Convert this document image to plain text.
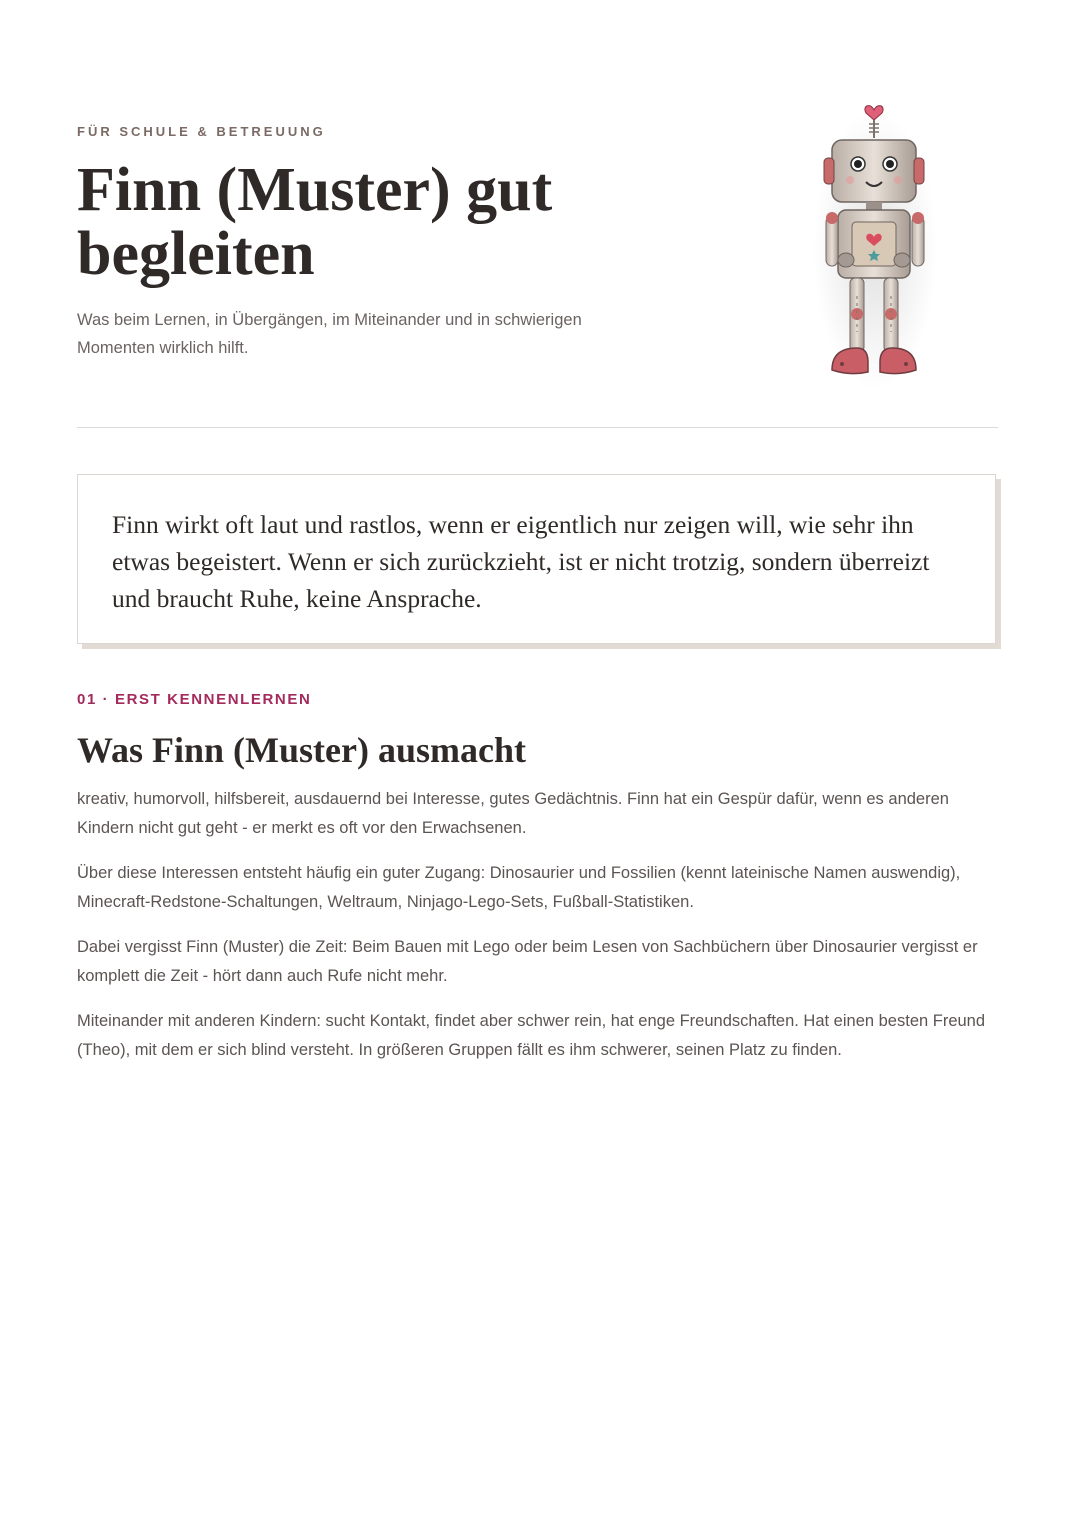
FÜR SCHULE & BETREUUNG
Finn (Muster) gut begleiten

Was beim Lernen, in Übergängen, im Miteinander und in schwierigen Momenten wirklich hilft.

Finn wirkt oft laut und rastlos, wenn er eigentlich nur zeigen will, wie sehr ihn etwas begeistert. Wenn er sich zurückzieht, ist er nicht trotzig, sondern überreizt und braucht Ruhe, keine Ansprache.

01 · ERST KENNENLERNEN
Was Finn (Muster) ausmacht

kreativ, humorvoll, hilfsbereit, ausdauernd bei Interesse, gutes Gedächtnis. Finn hat ein Gespür dafür, wenn es anderen Kindern nicht gut geht - er merkt es oft vor den Erwachsenen.

Über diese Interessen entsteht häufig ein guter Zugang: Dinosaurier und Fossilien (kennt lateinische Namen auswendig), Minecraft-Redstone-Schaltungen, Weltraum, Ninjago-Lego-Sets, Fußball-Statistiken.

Dabei vergisst Finn (Muster) die Zeit: Beim Bauen mit Lego oder beim Lesen von Sachbüchern über Dinosaurier vergisst er komplett die Zeit - hört dann auch Rufe nicht mehr.

Miteinander mit anderen Kindern: sucht Kontakt, findet aber schwer rein, hat enge Freundschaften. Hat einen besten Freund (Theo), mit dem er sich blind versteht. In größeren Gruppen fällt es ihm schwerer, seinen Platz zu finden.
